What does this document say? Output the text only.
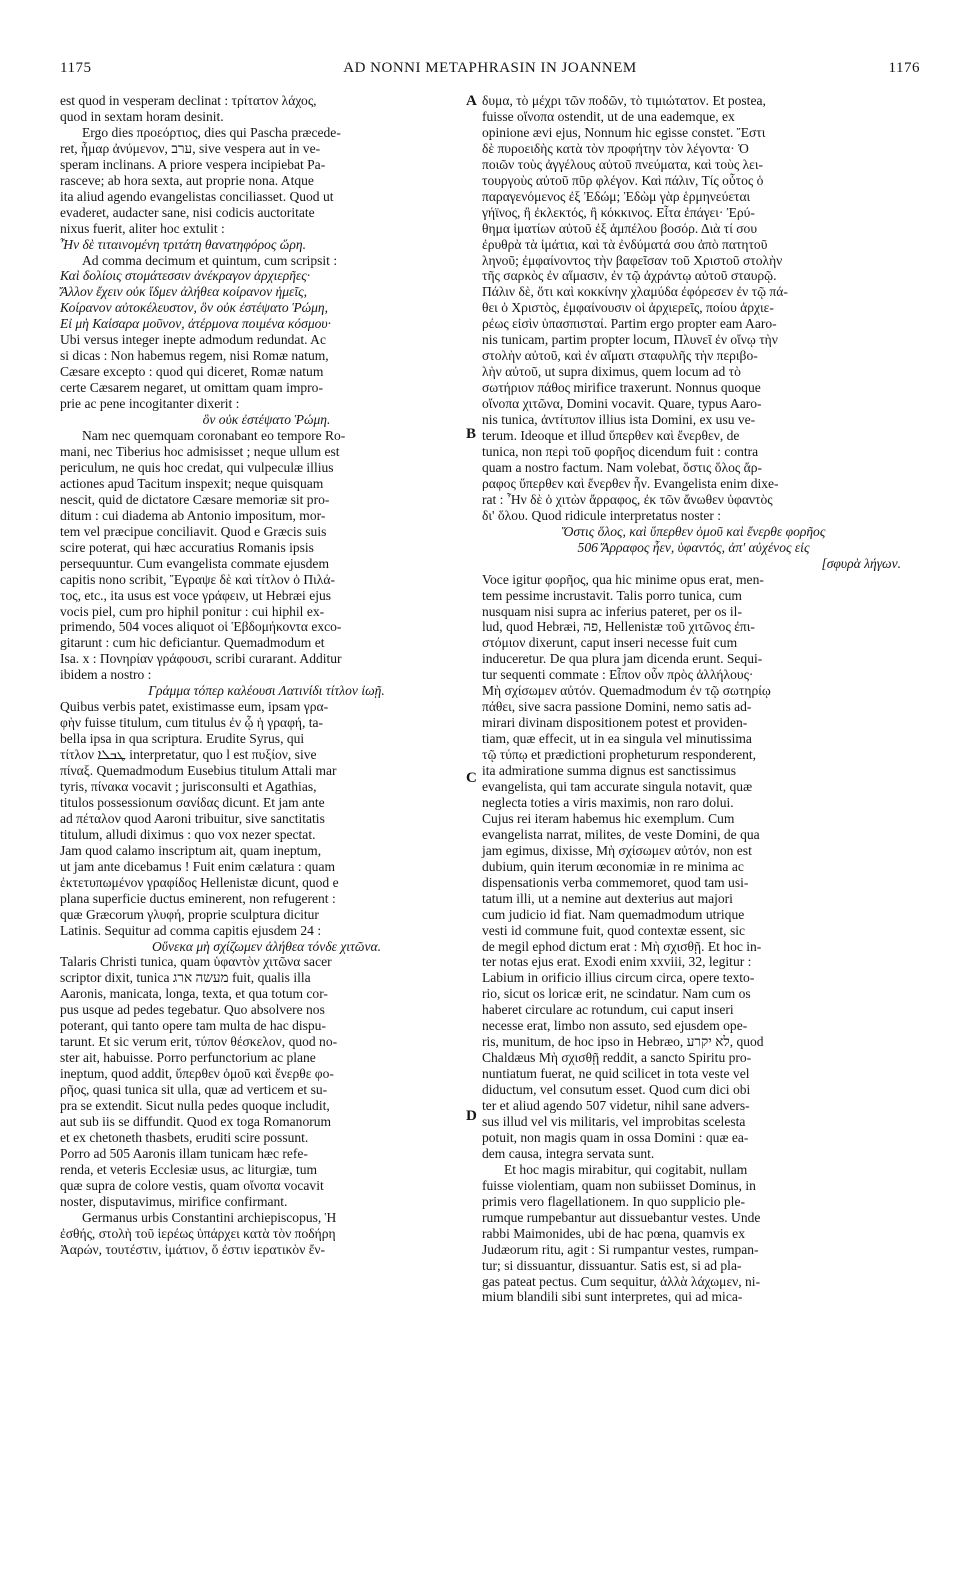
1175	AD NONNI METAPHRASIN IN JOANNEM	1176

est quod in vesperam declinat : τρίτατον λάχος,

quod in sextam horam desinit.

Ergo dies προεόρτιος, dies qui Pascha præcede-

ret, ἦμαρ ἀνύμενον, ערב, sive vespera aut in ve-

speram inclinans. A priore vespera incipiebat Pa-

rasceve; ab hora sexta, aut proprie nona. Atque

ita aliud agendo evangelistas conciliasset. Quod ut

evaderet, audacter sane, nisi codicis auctoritate

nixus fuerit, aliter hoc extulit :

Ἦν δὲ τιταινομένη τριτάτη θανατηφόρος ὥρη.

Ad comma decimum et quintum, cum scripsit :

Καὶ δολίοις στομάτεσσιν ἀνέκραγον ἀρχιερῆες·

Ἄλλον ἔχειν οὐκ ἴδμεν ἀλήθεα κοίρανον ἡμεῖς,

Κοίρανον αὐτοκέλευστον, ὃν οὐκ ἐστέψατο Ῥώμη,

Εἰ μὴ Καίσαρα μοῦνον, ἀτέρμονα ποιμένα κόσμου·

Ubi versus integer inepte admodum redundat. Ac

si dicas : Non habemus regem, nisi Romæ natum,

Cæsare excepto : quod qui diceret, Romæ natum

certe Cæsarem negaret, ut omittam quam impro-

prie ac pene incogitanter dixerit :

ὃν οὐκ ἐστέψατο Ῥώμη.

Nam nec quemquam coronabant eo tempore Ro-

mani, nec Tiberius hoc admisisset ; neque ullum est

periculum, ne quis hoc credat, qui vulpeculæ illius

actiones apud Tacitum inspexit; neque quisquam

nescit, quid de dictatore Cæsare memoriæ sit pro-

ditum : cui diadema ab Antonio impositum, mor-

tem vel præcipue conciliavit. Quod e Græcis suis

scire poterat, qui hæc accuratius Romanis ipsis

persequuntur. Cum evangelista commate ejusdem

capitis nono scribit, Ἔγραψε δὲ καὶ τίτλον ὁ Πιλά-

τος, etc., ita usus est voce γράφειν, ut Hebræi ejus

vocis piel, cum pro hiphil ponitur : cui hiphil ex-

primendo, 504 voces aliquot οἱ Ἑβδομήκοντα exco-

gitarunt : cum hic deficiantur. Quemadmodum et

Isa. x : Πονηρίαν γράφουσι, scribi curarant. Additur

ibidem a nostro :

Γράμμα τόπερ καλέουσι Λατινίδι τίτλον ἰωῇ.

Quibus verbis patet, existimasse eum, ipsam γρα-

φὴν fuisse titulum, cum titulus ἐν ᾧ ἡ γραφή, ta-

bella ipsa in qua scriptura. Erudite Syrus, qui

τίτλον ܛܒܠܐ interpretatur, quo l est πυξίον, sive

πίναξ. Quemadmodum Eusebius titulum Attali mar

tyris, πίνακα vocavit ; jurisconsulti et Agathias,

titulos possessionum σανίδας dicunt. Et jam ante

ad πέταλον quod Aaroni tribuitur, sive sanctitatis

titulum, alludi diximus : quo vox nezer spectat.

Jam quod calamo inscriptum ait, quam ineptum,

ut jam ante dicebamus ! Fuit enim cælatura : quam

ἐκτετυπωμένον γραφίδος Hellenistæ dicunt, quod e

plana superficie ductus eminerent, non refugerent :

quæ Græcorum γλυφή, proprie sculptura dicitur

Latinis. Sequitur ad comma capitis ejusdem 24 :

Οὕνεκα μὴ σχίζωμεν ἀλήθεα τόνδε χιτῶνα.

Talaris Christi tunica, quam ὑφαντὸν χιτῶνα sacer

scriptor dixit, tunica מעשה ארג fuit, qualis illa

Aaronis, manicata, longa, texta, et qua totum cor-

pus usque ad pedes tegebatur. Quo absolvere nos

poterant, qui tanto opere tam multa de hac dispu-

tarunt. Et sic verum erit, τύπον θέσκελον, quod no-

ster ait, habuisse. Porro perfunctorium ac plane

ineptum, quod addit, ὕπερθεν ὁμοῦ καὶ ἔνερθε φο-

ρῆος, quasi tunica sit ulla, quæ ad verticem et su-

pra se extendit. Sicut nulla pedes quoque includit,

aut sub iis se diffundit. Quod ex toga Romanorum

et ex chetoneth thasbets, eruditi scire possunt.

Porro ad 505 Aaronis illam tunicam hæc refe-

renda, et veteris Ecclesiæ usus, ac liturgiæ, tum

quæ supra de colore vestis, quam οἴνοπα vocavit

noster, disputavimus, mirifice confirmant.

Germanus urbis Constantini archiepiscopus, Ἡ

ἐσθής, στολὴ τοῦ ἱερέως ὑπάρχει κατὰ τὸν ποδήρη

Ἀαρών, τουτέστιν, ἱμάτιον, ὅ ἐστιν ἱερατικὸν ἔν-

δυμα, τὸ μέχρι τῶν ποδῶν, τὸ τιμιώτατον. Et postea,

fuisse οἴνοπα ostendit, ut de una eademque, ex

opinione ævi ejus, Nonnum hic egisse constet. Ἔστι

δὲ πυροειδὴς κατὰ τὸν προφήτην τὸν λέγοντα· Ὁ

ποιῶν τοὺς ἀγγέλους αὐτοῦ πνεύματα, καὶ τοὺς λει-

τουργοὺς αὐτοῦ πῦρ φλέγον. Καὶ πάλιν, Τίς οὗτος ὁ

παραγενόμενος ἐξ Ἐδώμ; Ἐδὼμ γὰρ ἑρμηνεύεται

γήϊνος, ἢ ἐκλεκτός, ἢ κόκκινος. Εἶτα ἐπάγει· Ἐρύ-

θημα ἱματίων αὐτοῦ ἐξ ἀμπέλου βοσόρ. Διὰ τί σου

ἐρυθρὰ τὰ ἱμάτια, καὶ τὰ ἐνδύματά σου ἀπὸ πατητοῦ

ληνοῦ; ἐμφαίνοντος τὴν βαφεῖσαν τοῦ Χριστοῦ στολὴν

τῆς σαρκὸς ἐν αἵμασιν, ἐν τῷ ἀχράντῳ αὐτοῦ σταυρῷ.

Πάλιν δὲ, ὅτι καὶ κοκκίνην χλαμύδα ἐφόρεσεν ἐν τῷ πά-

θει ὁ Χριστὸς, ἐμφαίνουσιν οἱ ἀρχιερεῖς, ποίου ἀρχιε-

ρέως εἰσὶν ὑπασπισταί. Partim ergo propter eam Aaro-

nis tunicam, partim propter locum, Πλυνεῖ ἐν οἴνῳ τὴν

στολὴν αὐτοῦ, καὶ ἐν αἵματι σταφυλῆς τὴν περιβο-

λὴν αὐτοῦ, ut supra diximus, quem locum ad τὸ

σωτήριον πάθος mirifice traxerunt. Nonnus quoque

οἴνοπα χιτῶνα, Domini vocavit. Quare, typus Aaro-

nis tunica, ἀντίτυπον illius ista Domini, ex usu ve-

terum. Ideoque et illud ὕπερθεν καὶ ἔνερθεν, de

tunica, non περὶ τοῦ φορῆος dicendum fuit : contra

quam a nostro factum. Nam volebat, ὅστις ὅλος ἄρ-

ραφος ὕπερθεν καὶ ἔνερθεν ἦν. Evangelista enim dixe-

rat : Ἦν δὲ ὁ χιτὼν ἄρραφος, ἐκ τῶν ἄνωθεν ὑφαντὸς

δι' ὅλου. Quod ridicule interpretatus noster :

Ὅστις ὅλος, καὶ ὕπερθεν ὁμοῦ καὶ ἔνερθε φορῆος

506 Ἄρραφος ἦεν, ὑφαντός, ἀπ' αὐχένος εἰς

[σφυρὰ λήγων.

Voce igitur φορῆος, qua hic minime opus erat, men-

tem pessime incrustavit. Talis porro tunica, cum

nusquam nisi supra ac inferius pateret, per os il-

lud, quod Hebræi, פה, Hellenistæ τοῦ χιτῶνος ἐπι-

στόμιον dixerunt, caput inseri necesse fuit cum

induceretur. De qua plura jam dicenda erunt. Sequi-

tur sequenti commate : Εἶπον οὖν πρὸς ἀλλήλους·

Μὴ σχίσωμεν αὐτόν. Quemadmodum ἐν τῷ σωτηρίῳ

πάθει, sive sacra passione Domini, nemo satis ad-

mirari divinam dispositionem potest et providen-

tiam, quæ effecit, ut in ea singula vel minutissima

τῷ τύπῳ et prædictioni propheturum responderent,

ita admiratione summa dignus est sanctissimus

evangelista, qui tam accurate singula notavit, quæ

neglecta toties a viris maximis, non raro dolui.

Cujus rei iteram habemus hic exemplum. Cum

evangelista narrat, milites, de veste Domini, de qua

jam egimus, dixisse, Μὴ σχίσωμεν αὐτόν, non est

dubium, quin iterum œconomiæ in re minima ac

dispensationis verba commemoret, quod tam usi-

tatum illi, ut a nemine aut dexterius aut majori

cum judicio id fiat. Nam quemadmodum utrique

vesti id commune fuit, quod contextæ essent, sic

de megil ephod dictum erat : Μὴ σχισθῇ. Et hoc in-

ter notas ejus erat. Exodi enim xxviii, 32, legitur :

Labium in orificio illius circum circa, opere texto-

rio, sicut os loricæ erit, ne scindatur. Nam cum os

haberet circulare ac rotundum, cui caput inseri

necesse erat, limbo non assuto, sed ejusdem ope-

ris, munitum, de hoc ipso in Hebræo, לא יקרע, quod

Chaldæus Μὴ σχισθῇ reddit, a sancto Spiritu pro-

nuntiatum fuerat, ne quid scilicet in tota veste vel

diductum, vel consutum esset. Quod cum dici obi

ter et aliud agendo 507 videtur, nihil sane advers-

sus illud vel vis militaris, vel improbitas scelesta

potuit, non magis quam in ossa Domini : quæ ea-

dem causa, integra servata sunt.

Et hoc magis mirabitur, qui cogitabit, nullam

fuisse violentiam, quam non subiisset Dominus, in

primis vero flagellationem. In quo supplicio ple-

rumque rumpebantur aut dissuebantur vestes. Unde

rabbi Maimonides, ubi de hac pœna, quamvis ex

Judæorum ritu, agit : Si rumpantur vestes, rumpan-

tur; si dissuantur, dissuantur. Satis est, si ad pla-

gas pateat pectus. Cum sequitur, ἀλλὰ λάχωμεν, ni-

mium blandili sibi sunt interpretes, qui ad mica-

A
B
C
D
